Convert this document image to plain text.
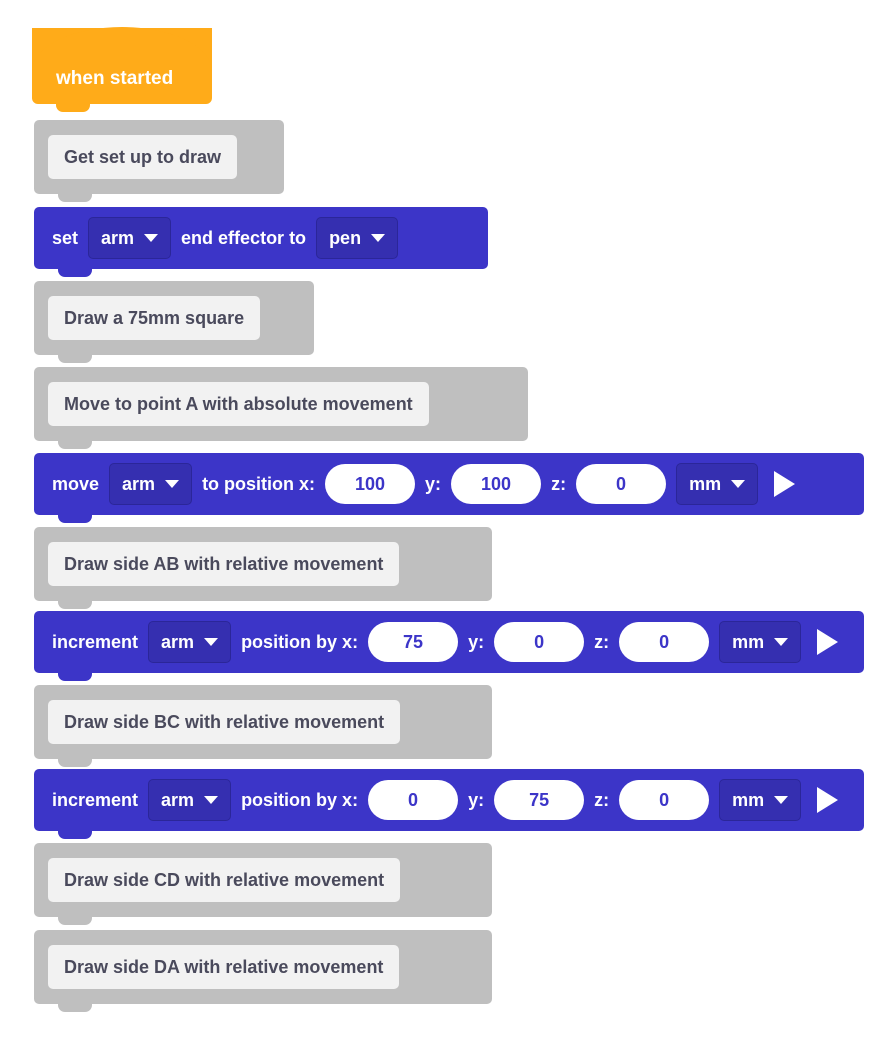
when started
Get set up to draw
set arm	end effector to pen
Draw a 75mm square
Move to point A with absolute movement
move arm	to position x:	100	y:	100	z:	0	mm
Draw side AB with relative movement
increment arm	position by x:	75	y:	0	z:	0	mm
Draw side BC with relative movement
increment arm	position by x:	0	y:	75	z:	0	mm
Draw side CD with relative movement
Draw side DA with relative movement
